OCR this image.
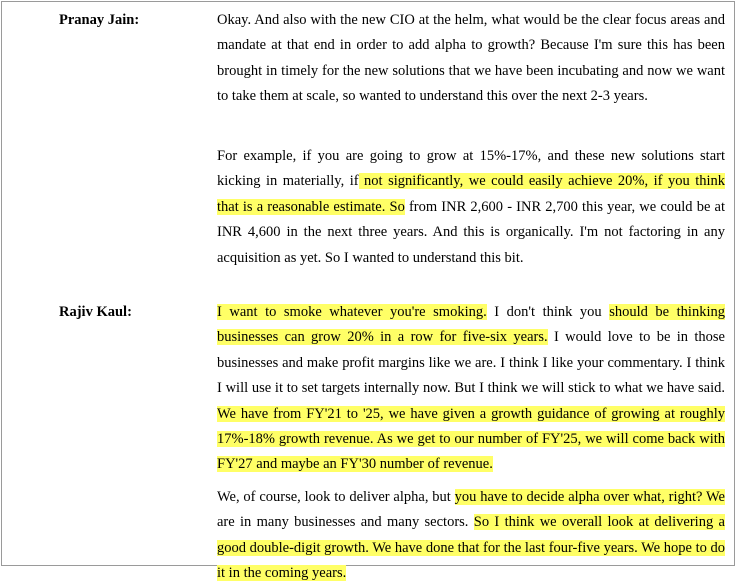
Pranay Jain:	Okay. And also with the new CIO at the helm, what would be the clear focus areas and mandate at that end in order to add alpha to growth? Because I'm sure this has been brought in timely for the new solutions that we have been incubating and now we want to take them at scale, so wanted to understand this over the next 2-3 years.

For example, if you are going to grow at 15%-17%, and these new solutions start kicking in materially, if not significantly, we could easily achieve 20%, if you think that is a reasonable estimate. So from INR 2,600 - INR 2,700 this year, we could be at INR 4,600 in the next three years. And this is organically. I'm not factoring in any acquisition as yet. So I wanted to understand this bit.

Rajiv Kaul:	I want to smoke whatever you're smoking. I don't think you should be thinking businesses can grow 20% in a row for five-six years. I would love to be in those businesses and make profit margins like we are. I think I like your commentary. I think I will use it to set targets internally now. But I think we will stick to what we have said. We have from FY'21 to '25, we have given a growth guidance of growing at roughly 17%-18% growth revenue. As we get to our number of FY'25, we will come back with FY'27 and maybe an FY'30 number of revenue.

We, of course, look to deliver alpha, but you have to decide alpha over what, right? We are in many businesses and many sectors. So I think we overall look at delivering a good double-digit growth. We have done that for the last four-five years. We hope to do it in the coming years.
